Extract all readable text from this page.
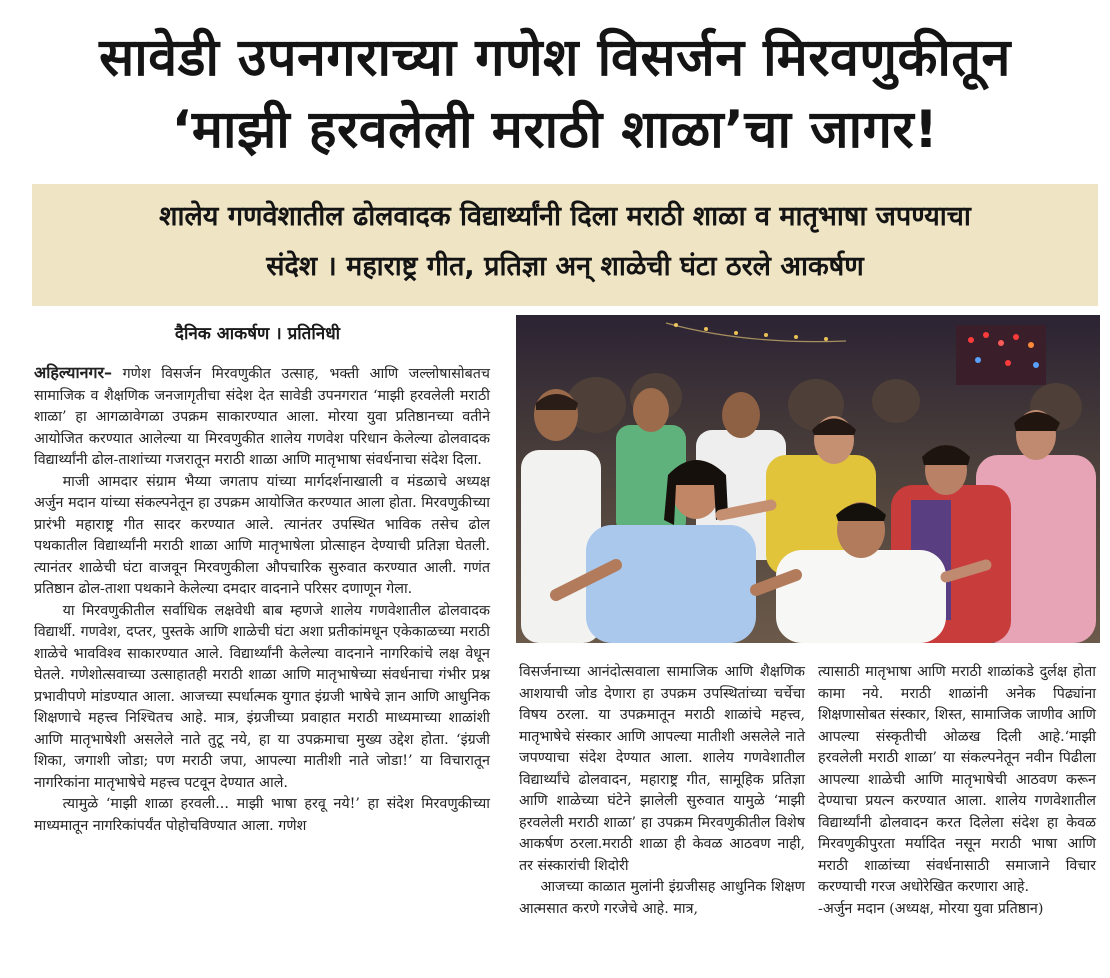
सावेडी उपनगराच्या गणेश विसर्जन मिरवणुकीतून
‘माझी हरवलेली मराठी शाळा’चा जागर!
शालेय गणवेशातील ढोलवादक विद्यार्थ्यांनी दिला मराठी शाळा व मातृभाषा जपण्याचा
संदेश । महाराष्ट्र गीत, प्रतिज्ञा अन् शाळेची घंटा ठरले आकर्षण
दैनिक आकर्षण । प्रतिनिधी

अहिल्यानगर– गणेश विसर्जन मिरवणुकीत उत्साह, भक्ती आणि जल्लोषासोबतच सामाजिक व शैक्षणिक जनजागृतीचा संदेश देत सावेडी उपनगरात ‘माझी हरवलेली मराठी शाळा’ हा आगळावेगळा उपक्रम साकारण्यात आला. मोरया युवा प्रतिष्ठानच्या वतीने आयोजित करण्यात आलेल्या या मिरवणुकीत शालेय गणवेश परिधान केलेल्या ढोलवादक विद्यार्थ्यांनी ढोल-ताशांच्या गजरातून मराठी शाळा आणि मातृभाषा संवर्धनाचा संदेश दिला.

माजी आमदार संग्राम भैय्या जगताप यांच्या मार्गदर्शनाखाली व मंडळाचे अध्यक्ष अर्जुन मदान यांच्या संकल्पनेतून हा उपक्रम आयोजित करण्यात आला होता. मिरवणुकीच्या प्रारंभी महाराष्ट्र गीत सादर करण्यात आले. त्यानंतर उपस्थित भाविक तसेच ढोल पथकातील विद्यार्थ्यांनी मराठी शाळा आणि मातृभाषेला प्रोत्साहन देण्याची प्रतिज्ञा घेतली. त्यानंतर शाळेची घंटा वाजवून मिरवणुकीला औपचारिक सुरुवात करण्यात आली. गणंत प्रतिष्ठान ढोल-ताशा पथकाने केलेल्या दमदार वादनाने परिसर दणाणून गेला.

या मिरवणुकीतील सर्वाधिक लक्षवेधी बाब म्हणजे शालेय गणवेशातील ढोलवादक विद्यार्थी. गणवेश, दप्तर, पुस्तके आणि शाळेची घंटा अशा प्रतीकांमधून एकेकाळच्या मराठी शाळेचे भावविश्व साकारण्यात आले. विद्यार्थ्यांनी केलेल्या वादनाने नागरिकांचे लक्ष वेधून घेतले. गणेशोत्सवाच्या उत्साहातही मराठी शाळा आणि मातृभाषेच्या संवर्धनाचा गंभीर प्रश्न प्रभावीपणे मांडण्यात आला. आजच्या स्पर्धात्मक युगात इंग्रजी भाषेचे ज्ञान आणि आधुनिक शिक्षणाचे महत्त्व निश्चितच आहे. मात्र, इंग्रजीच्या प्रवाहात मराठी माध्यमाच्या शाळांशी आणि मातृभाषेशी असलेले नाते तुटू नये, हा या उपक्रमाचा मुख्य उद्देश होता. ‘इंग्रजी शिका, जगाशी जोडा; पण मराठी जपा, आपल्या मातीशी नाते जोडा!’ या विचारातून नागरिकांना मातृभाषेचे महत्त्व पटवून देण्यात आले.

त्यामुळे ‘माझी शाळा हरवली... माझी भाषा हरवू नये!’ हा संदेश मिरवणुकीच्या माध्यमातून नागरिकांपर्यंत पोहोचविण्यात आला. गणेश

विसर्जनाच्या आनंदोत्सवाला सामाजिक आणि शैक्षणिक आशयाची जोड देणारा हा उपक्रम उपस्थितांच्या चर्चेचा विषय ठरला. या उपक्रमातून मराठी शाळांचे महत्त्व, मातृभाषेचे संस्कार आणि आपल्या मातीशी असलेले नाते जपण्याचा संदेश देण्यात आला. शालेय गणवेशातील विद्यार्थ्यांचे ढोलवादन, महाराष्ट्र गीत, सामूहिक प्रतिज्ञा आणि शाळेच्या घंटेने झालेली सुरुवात यामुळे ‘माझी हरवलेली मराठी शाळा’ हा उपक्रम मिरवणुकीतील विशेष आकर्षण ठरला.मराठी शाळा ही केवळ आठवण नाही, तर संस्कारांची शिदोरी

आजच्या काळात मुलांनी इंग्रजीसह आधुनिक शिक्षण आत्मसात करणे गरजेचे आहे. मात्र,

त्यासाठी मातृभाषा आणि मराठी शाळांकडे दुर्लक्ष होता कामा नये. मराठी शाळांनी अनेक पिढ्यांना शिक्षणासोबत संस्कार, शिस्त, सामाजिक जाणीव आणि आपल्या संस्कृतीची ओळख दिली आहे.‘माझी हरवलेली मराठी शाळा’ या संकल्पनेतून नवीन पिढीला आपल्या शाळेची आणि मातृभाषेची आठवण करून देण्याचा प्रयत्न करण्यात आला. शालेय गणवेशातील विद्यार्थ्यांनी ढोलवादन करत दिलेला संदेश हा केवळ मिरवणुकीपुरता मर्यादित नसून मराठी भाषा आणि मराठी शाळांच्या संवर्धनासाठी समाजाने विचार करण्याची गरज अधोरेखित करणारा आहे.

-अर्जुन मदान (अध्यक्ष, मोरया युवा प्रतिष्ठान)
